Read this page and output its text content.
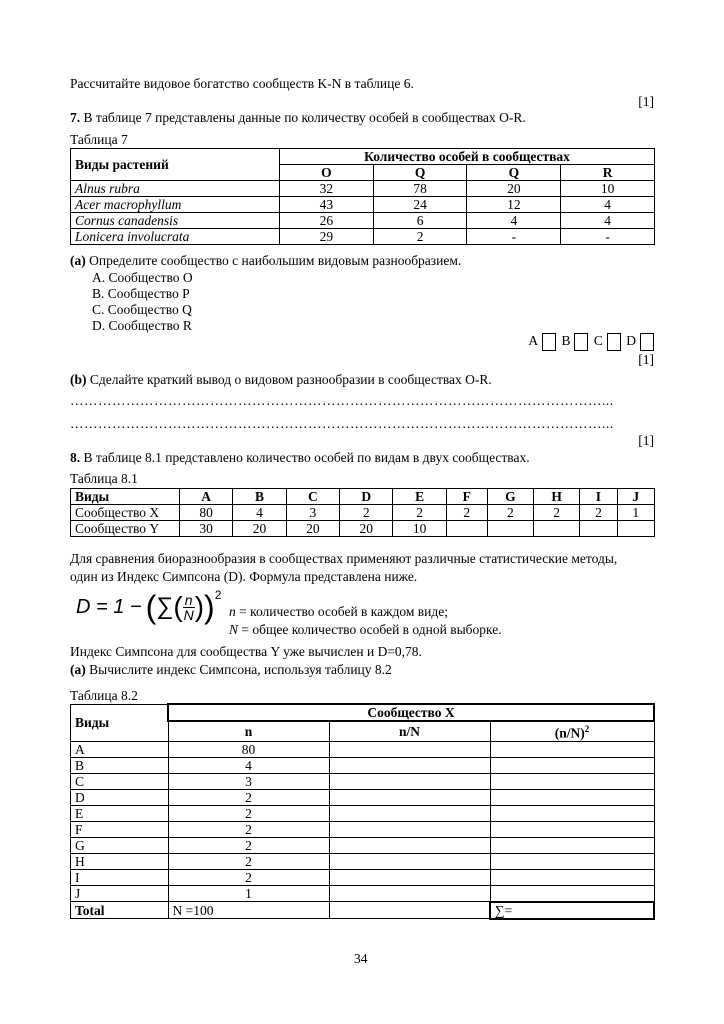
Рассчитайте видовое богатство сообществ K-N в таблице 6.

[1]

7. В таблице 7 представлены данные по количеству особей в сообществах O-R.

Таблица 7

Виды растений	Количество особей в сообществах			
	O	Q	Q	R
Alnus rubra	32	78	20	10
Acer macrophyllum	43	24	12	4
Cornus canadensis	26	6	4	4
Lonicera involucrata	29	2	-	-

(a) Определите сообщество с наибольшим видовым разнообразием.

A. Сообщество O

B. Сообщество P

C. Сообщество Q

D. Сообщество R

A B C D

[1]

(b) Сделайте краткий вывод о видовом разнообразии в сообществах O-R.

……………………………………………………………………………………………………...

……………………………………………………………………………………………………...

[1]

8. В таблице 8.1 представлено количество особей по видам в двух сообществах.

Таблица 8.1

Виды	A	B	C	D	E	F	G	H	I	J
Сообщество X	80	4	3	2	2	2	2	2	2	1
Сообщество Y	30	20	20	20	10					

Для сравнения биоразнообразия в сообществах применяют различные статистические методы,

один из Индекс Симпсона (D). Формула представлена ниже.

D = 1 − ( ∑ ( n
N ) ) 2

n = количество особей в каждом виде;

N = общее количество особей в одной выборке.

Индекс Симпсона для сообщества Y уже вычислен и D=0,78.

(a) Вычислите индекс Симпсона, используя таблицу 8.2

Таблица 8.2

Виды	Сообщество X		
	n	n/N	$(n/N)^2$
A	80		
B	4		
C	3		
D	2		
E	2		
F	2		
G	2		
H	2		
I	2		
J	1		
Total	N =100		∑=

34
